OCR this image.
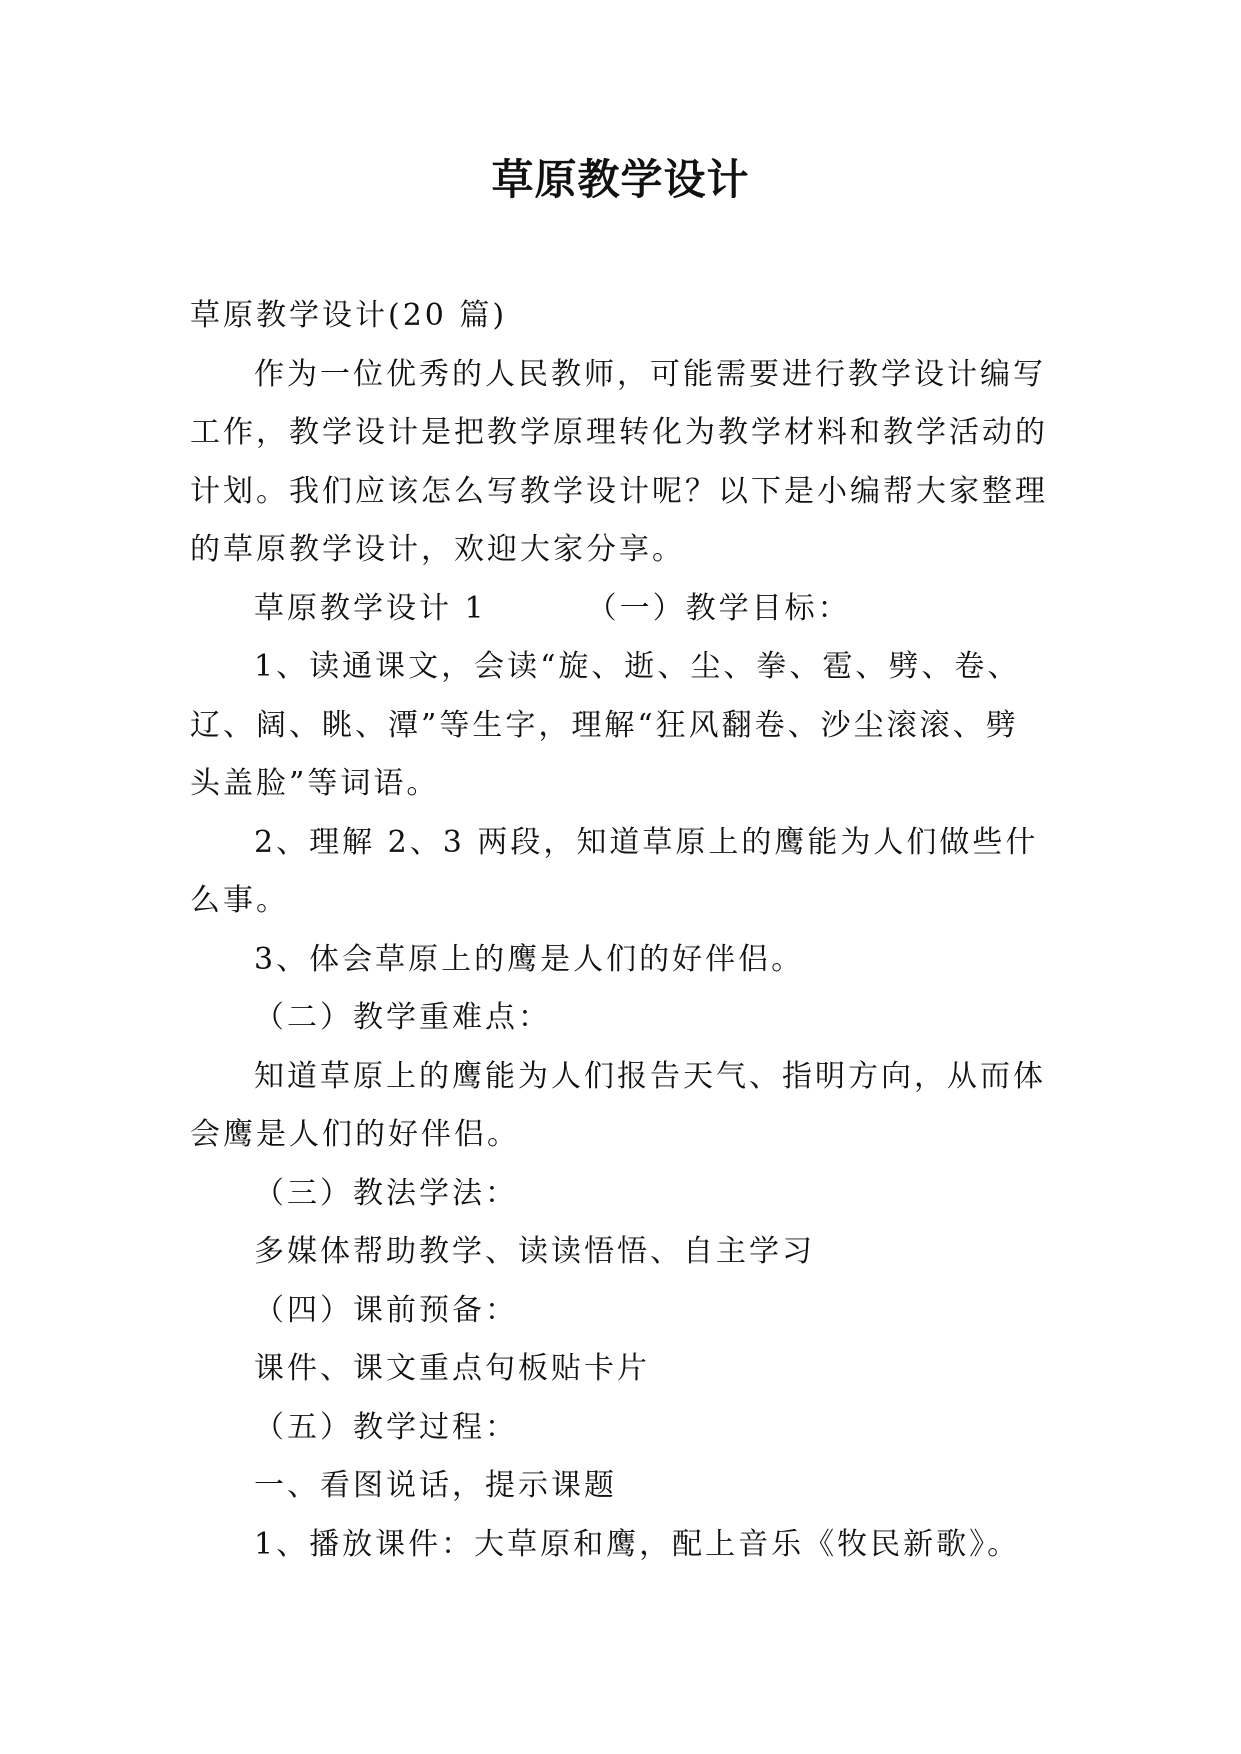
草原教学设计

草原教学设计(20 篇)

作为一位优秀的人民教师，可能需要进行教学设计编写工作，教学设计是把教学原理转化为教学材料和教学活动的计划。我们应该怎么写教学设计呢？以下是小编帮大家整理的草原教学设计，欢迎大家分享。

草原教学设计 1	（一）教学目标：

1、读通课文，会读“旋、逝、尘、拳、雹、劈、卷、辽、阔、眺、潭”等生字，理解“狂风翻卷、沙尘滚滚、劈头盖脸”等词语。

2、理解 2、3 两段，知道草原上的鹰能为人们做些什么事。

3、体会草原上的鹰是人们的好伴侣。

（二）教学重难点：

知道草原上的鹰能为人们报告天气、指明方向，从而体会鹰是人们的好伴侣。

（三）教法学法：

多媒体帮助教学、读读悟悟、自主学习

（四）课前预备：

课件、课文重点句板贴卡片

（五）教学过程：

一、看图说话，提示课题

1、播放课件：大草原和鹰，配上音乐《牧民新歌》。
